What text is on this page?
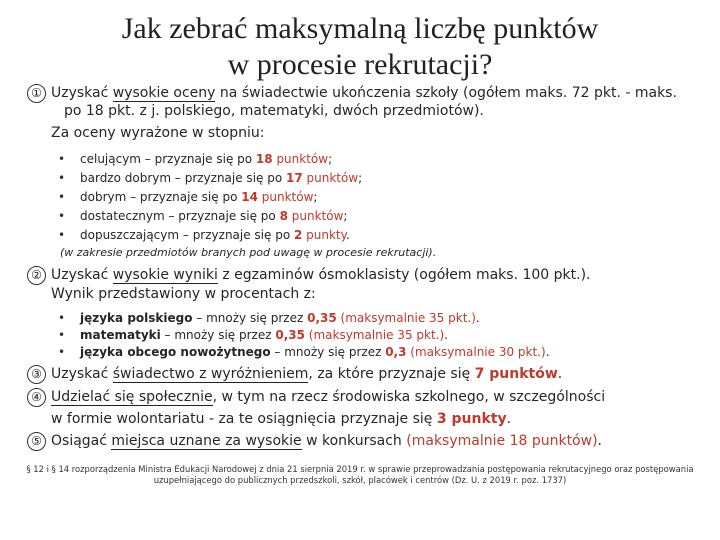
Jak zebrać maksymalną liczbę punktów
w procesie rekrutacji?
① Uzyskać wysokie oceny na świadectwie ukończenia szkoły (ogółem maks. 72 pkt. - maks.
po 18 pkt. z j. polskiego, matematyki, dwóch przedmiotów).
Za oceny wyrażone w stopniu:
• celującym – przyznaje się po 18 punktów;
• bardzo dobrym – przyznaje się po 17 punktów;
• dobrym – przyznaje się po 14 punktów;
• dostatecznym – przyznaje się po 8 punktów;
• dopuszczającym – przyznaje się po 2 punkty.
(w zakresie przedmiotów branych pod uwagę w procesie rekrutacji).
② Uzyskać wysokie wyniki z egzaminów ósmoklasisty (ogółem maks. 100 pkt.).
Wynik przedstawiony w procentach z:
• języka polskiego – mnoży się przez 0,35 (maksymalnie 35 pkt.).
• matematyki – mnoży się przez 0,35 (maksymalnie 35 pkt.).
• języka obcego nowożytnego – mnoży się przez 0,3 (maksymalnie 30 pkt.).
③ Uzyskać świadectwo z wyróżnieniem, za które przyznaje się 7 punktów.
④ Udzielać się społecznie, w tym na rzecz środowiska szkolnego, w szczególności
w formie wolontariatu - za te osiągnięcia przyznaje się 3 punkty.
⑤ Osiągać miejsca uznane za wysokie w konkursach (maksymalnie 18 punktów).
§ 12 i § 14 rozporządzenia Ministra Edukacji Narodowej z dnia 21 sierpnia 2019 r. w sprawie przeprowadzania postępowania rekrutacyjnego oraz postępowania
uzupełniającego do publicznych przedszkoli, szkół, placówek i centrów (Dz. U. z 2019 r. poz. 1737)
